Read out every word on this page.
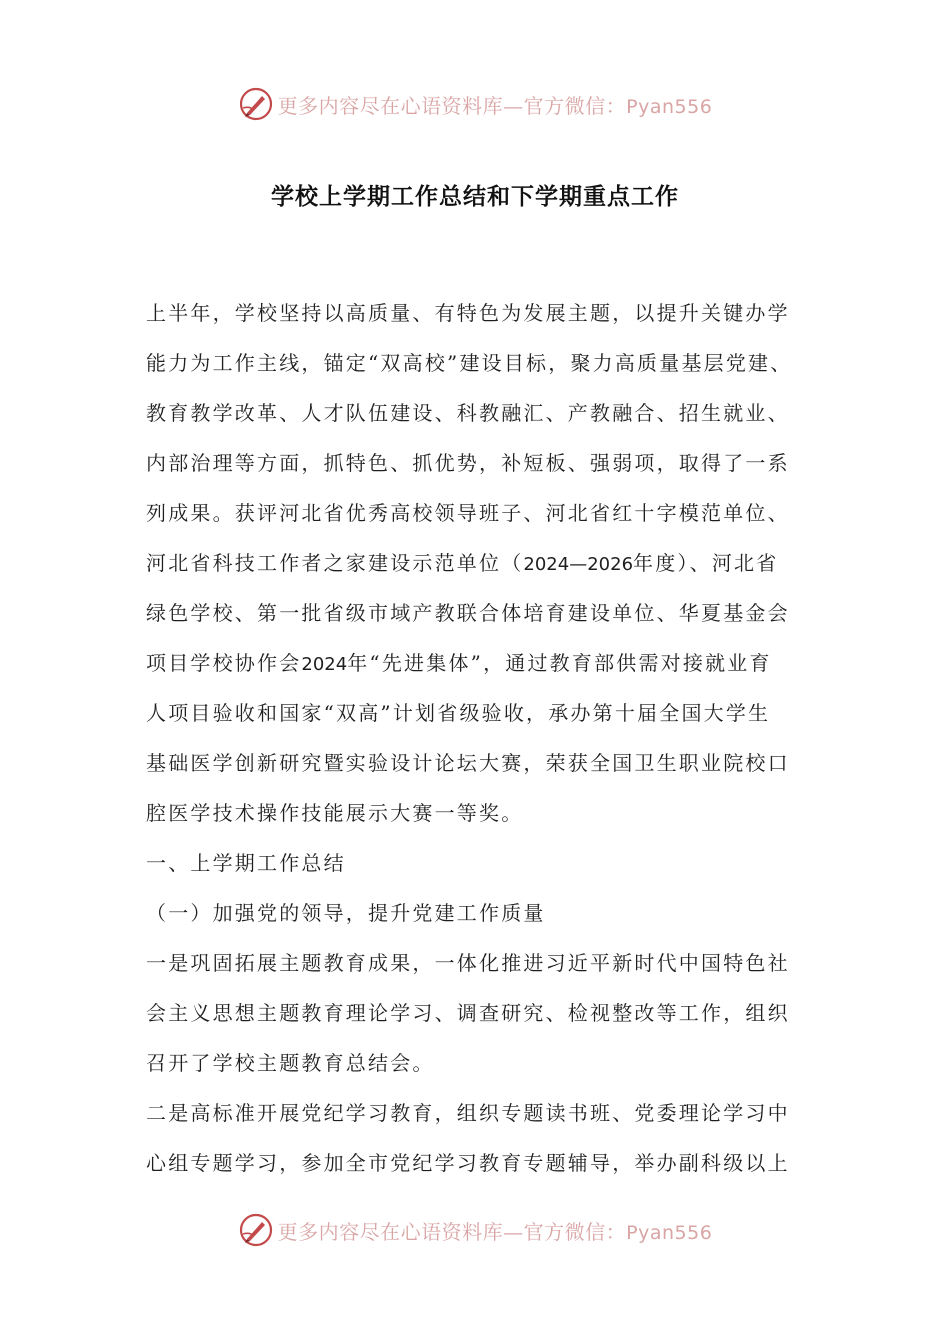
更多内容尽在心语资料库—官方微信：Pyan556
学校上学期工作总结和下学期重点工作
上半年，学校坚持以高质量、有特色为发展主题，以提升关键办学
能力为工作主线，锚定“双高校”建设目标，聚力高质量基层党建、
教育教学改革、人才队伍建设、科教融汇、产教融合、招生就业、
内部治理等方面，抓特色、抓优势，补短板、强弱项，取得了一系
列成果。获评河北省优秀高校领导班子、河北省红十字模范单位、
河北省科技工作者之家建设示范单位（2024—2026年度）、河北省
绿色学校、第一批省级市域产教联合体培育建设单位、华夏基金会
项目学校协作会2024年“先进集体”，通过教育部供需对接就业育
人项目验收和国家“双高”计划省级验收，承办第十届全国大学生
基础医学创新研究暨实验设计论坛大赛，荣获全国卫生职业院校口
腔医学技术操作技能展示大赛一等奖。
一、上学期工作总结
（一）加强党的领导，提升党建工作质量
一是巩固拓展主题教育成果，一体化推进习近平新时代中国特色社
会主义思想主题教育理论学习、调查研究、检视整改等工作，组织
召开了学校主题教育总结会。
二是高标准开展党纪学习教育，组织专题读书班、党委理论学习中
心组专题学习，参加全市党纪学习教育专题辅导，举办副科级以上
更多内容尽在心语资料库—官方微信：Pyan556
